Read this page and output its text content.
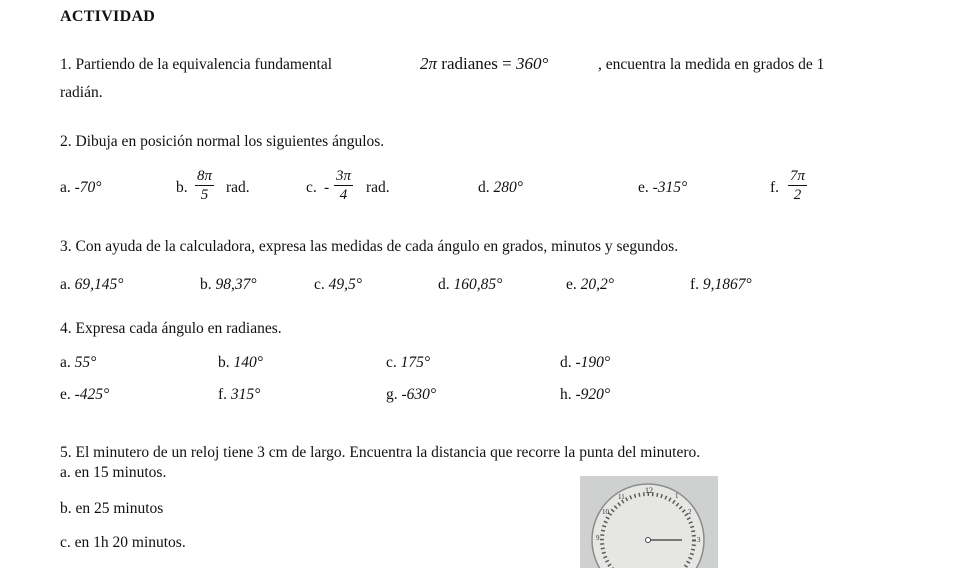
ACTIVIDAD
1. Partiendo de la equivalencia fundamental	2π radianes = 360°	, encuentra la medida en grados de 1
radián.
2. Dibuja en posición normal los siguientes ángulos.
a. -70°	b. $\frac{8\pi}{5}$ rad.	c. - $\frac{3\pi}{4}$ rad.	d. 280°	e. -315°	f. $\frac{7\pi}{2}$
3. Con ayuda de la calculadora, expresa las medidas de cada ángulo en grados, minutos y segundos.
a. 69,145°	b. 98,37°	c. 49,5°	d. 160,85°	e. 20,2°	f. 9,1867°
4. Expresa cada ángulo en radianes.
a. 55°	b. 140°	c. 175°	d. -190°
e. -425°	f. 315°	g. -630°	h. -920°
5. El minutero de un reloj tiene 3 cm de largo. Encuentra la distancia que recorre la punta del minutero.
a. en 15 minutos.
b. en 25 minutos
c. en 1h 20 minutos.
12
1
2
3
9
10
11
